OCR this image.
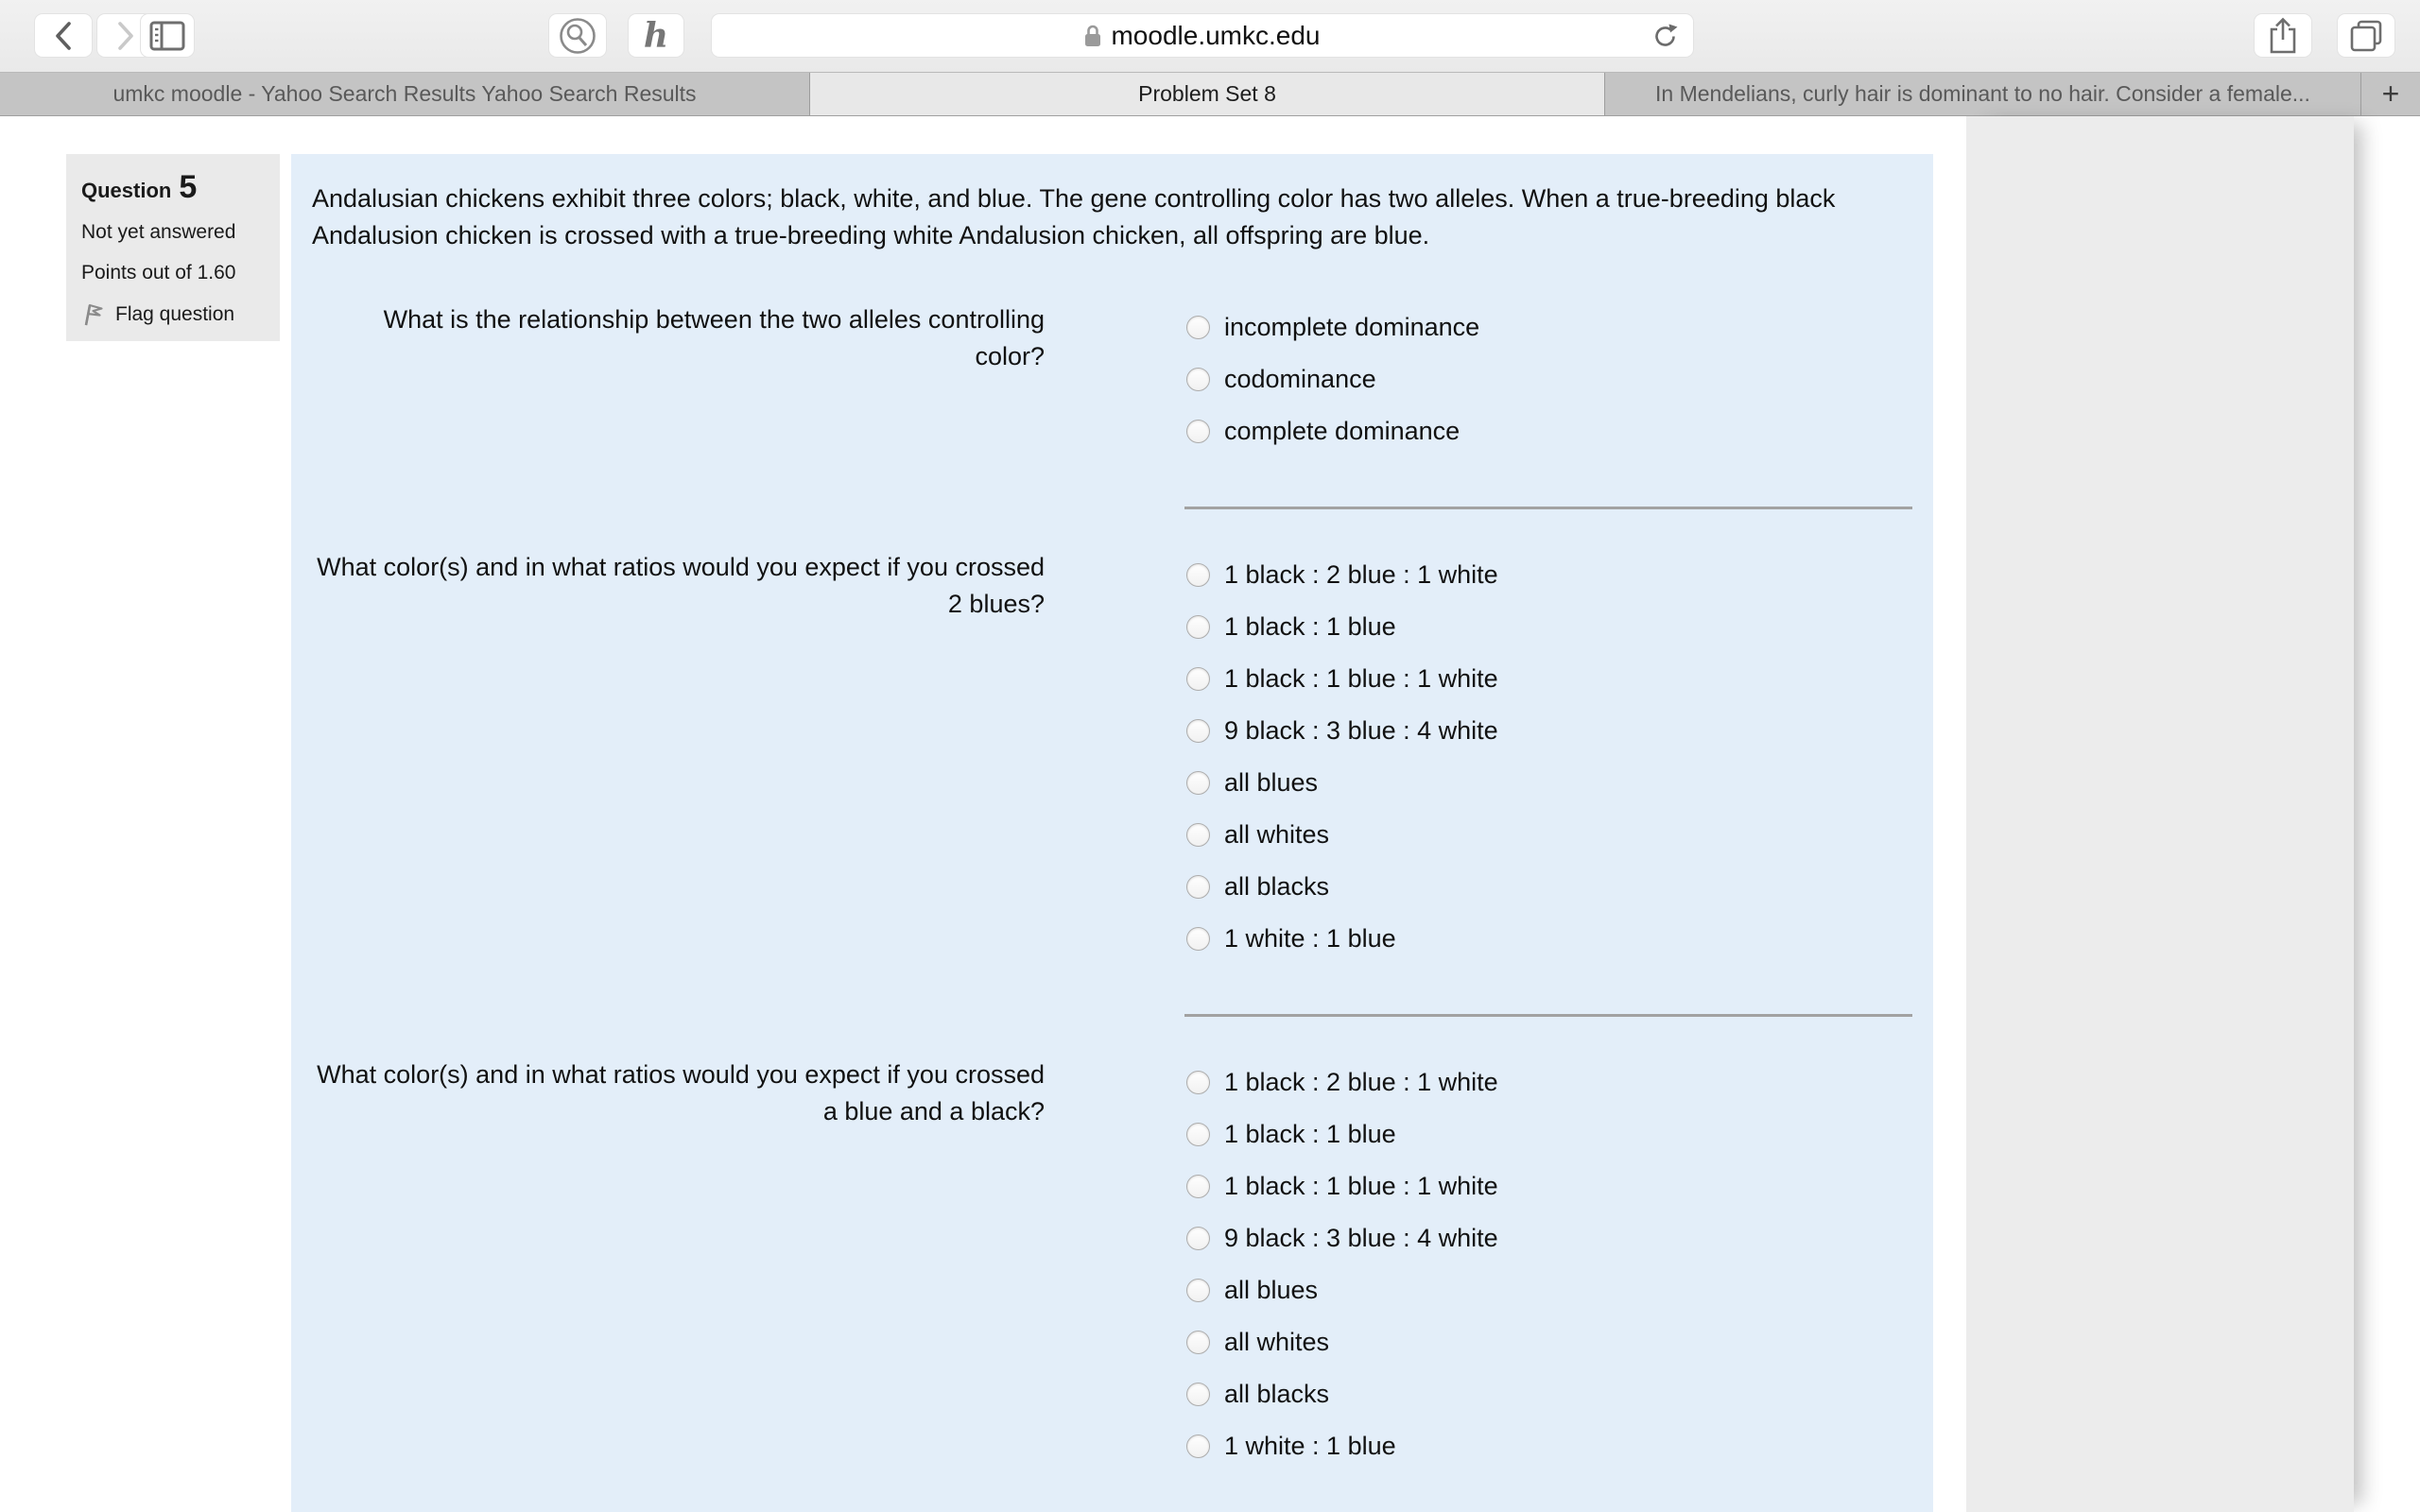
h	moodle.umkc.edu
umkc moodle - Yahoo Search Results Yahoo Search Results	Problem Set 8	In Mendelians, curly hair is dominant to no hair. Consider a female...	+
Question 5
Not yet answered
Points out of 1.60
Flag question
Andalusian chickens exhibit three colors; black, white, and blue. The gene controlling color has two alleles. When a true-breeding black Andalusion chicken is crossed with a true-breeding white Andalusion chicken, all offspring are blue.
What is the relationship between the two alleles controlling color?
incomplete dominance
codominance
complete dominance
What color(s) and in what ratios would you expect if you crossed 2 blues?
1 black : 2 blue : 1 white
1 black : 1 blue
1 black : 1 blue : 1 white
9 black : 3 blue : 4 white
all blues
all whites
all blacks
1 white : 1 blue
What color(s) and in what ratios would you expect if you crossed a blue and a black?
1 black : 2 blue : 1 white
1 black : 1 blue
1 black : 1 blue : 1 white
9 black : 3 blue : 4 white
all blues
all whites
all blacks
1 white : 1 blue
